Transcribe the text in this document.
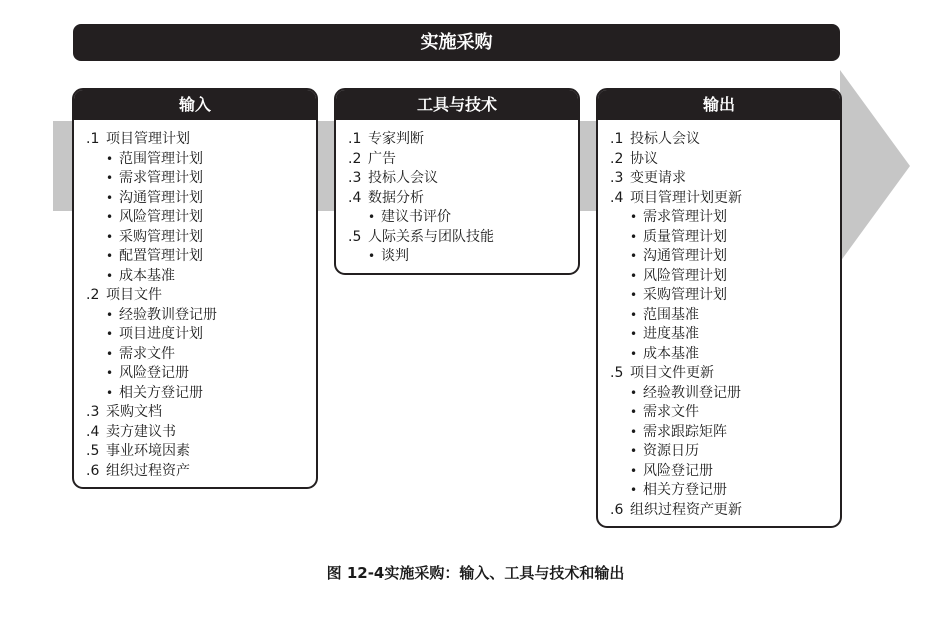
实施采购
输入
.1 项目管理计划
• 范围管理计划
• 需求管理计划
• 沟通管理计划
• 风险管理计划
• 采购管理计划
• 配置管理计划
• 成本基准
.2 项目文件
• 经验教训登记册
• 项目进度计划
• 需求文件
• 风险登记册
• 相关方登记册
.3 采购文档
.4 卖方建议书
.5 事业环境因素
.6 组织过程资产
工具与技术
.1 专家判断
.2 广告
.3 投标人会议
.4 数据分析
• 建议书评价
.5 人际关系与团队技能
• 谈判
输出
.1 投标人会议
.2 协议
.3 变更请求
.4 项目管理计划更新
• 需求管理计划
• 质量管理计划
• 沟通管理计划
• 风险管理计划
• 采购管理计划
• 范围基准
• 进度基准
• 成本基准
.5 项目文件更新
• 经验教训登记册
• 需求文件
• 需求跟踪矩阵
• 资源日历
• 风险登记册
• 相关方登记册
.6 组织过程资产更新
图 12-4实施采购：输入、工具与技术和输出
